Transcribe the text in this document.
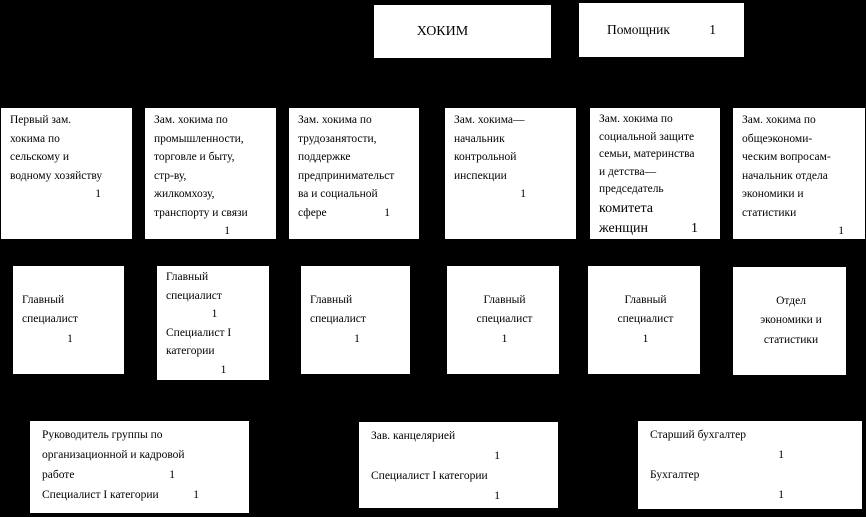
ХОКИМ	Помощник	1
Первый зам.
хокима по
сельскому и
водному хозяйству
1
Зам. хокима по
промышленности,
торговле и быту,
стр-ву,
жилкомхозу,
транспорту и связи
1
Зам. хокима по
трудозанятости,
поддержке
предпринимательст
ва и социальной
сфере	1
Зам. хокима—
начальник
контрольной
инспекции
1
Зам. хокима по
социальной защите
семьи, материнства
и детства—
председатель
комитета
женщин	1
Зам. хокима по
общеэкономи-
ческим вопросам-
начальник отдела
экономики и
статистики
1
Главный
специалист
1
Главный
специалист
1
Специалист I
категории
1
Главный
специалист
1
Главный
специалист
1
Главный
специалист
1
Отдел
экономики и
статистики
Руководитель группы по
организационной и кадровой
работе	1
Специалист I категории	1
Зав. канцелярией
1
Специалист I категории
1
Старший бухгалтер
1
Бухгалтер
1
